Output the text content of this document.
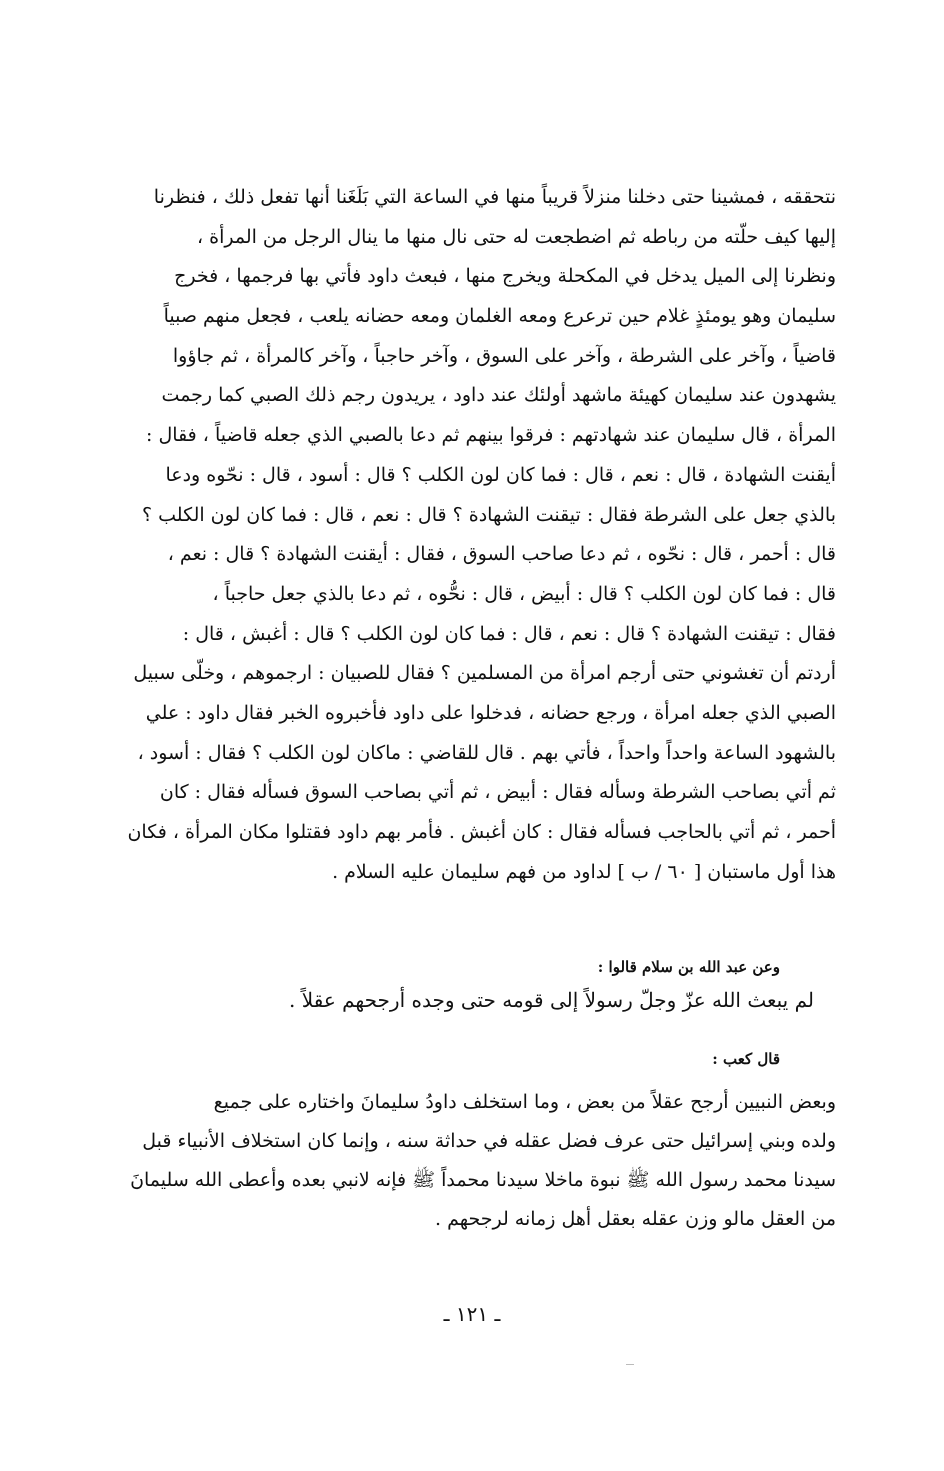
نتحققه ، فمشينا حتى دخلنا منزلاً قريباً منها في الساعة التي بَلَغَنا أنها تفعل ذلك ، فنظرنا
إليها كيف حلّته من رباطه ثم اضطجعت له حتى نال منها ما ينال الرجل من المرأة ،
ونظرنا إلى الميل يدخل في المكحلة ويخرج منها ، فبعث داود فأتي بها فرجمها ، فخرج
سليمان وهو يومئذٍ غلام حين ترعرع ومعه الغلمان ومعه حضانه يلعب ، فجعل منهم صبياً
قاضياً ، وآخر على الشرطة ، وآخر على السوق ، وآخر حاجباً ، وآخر كالمرأة ، ثم جاؤوا
يشهدون عند سليمان كهيئة ماشهد أولئك عند داود ، يريدون رجم ذلك الصبي كما رجمت
المرأة ، قال سليمان عند شهادتهم : فرقوا بينهم ثم دعا بالصبي الذي جعله قاضياً ، فقال :
أيقنت الشهادة ، قال : نعم ، قال : فما كان لون الكلب ؟ قال : أسود ، قال : نحّوه ودعا
بالذي جعل على الشرطة فقال : تيقنت الشهادة ؟ قال : نعم ، قال : فما كان لون الكلب ؟
قال : أحمر ، قال : نحّوه ، ثم دعا صاحب السوق ، فقال : أيقنت الشهادة ؟ قال : نعم ،
قال : فما كان لون الكلب ؟ قال : أبيض ، قال : نحُّوه ، ثم دعا بالذي جعل حاجباً ،
فقال : تيقنت الشهادة ؟ قال : نعم ، قال : فما كان لون الكلب ؟ قال : أغبش ، قال :
أردتم أن تغشوني حتى أرجم امرأة من المسلمين ؟ فقال للصبيان : ارجموهم ، وخلّى سبيل
الصبي الذي جعله امرأة ، ورجع حضانه ، فدخلوا على داود فأخبروه الخبر فقال داود : علي
بالشهود الساعة واحداً واحداً ، فأتي بهم . قال للقاضي : ماكان لون الكلب ؟ فقال : أسود ،
ثم أتي بصاحب الشرطة وسأله فقال : أبيض ، ثم أتي بصاحب السوق فسأله فقال : كان
أحمر ، ثم أتي بالحاجب فسأله فقال : كان أغبش . فأمر بهم داود فقتلوا مكان المرأة ، فكان
هذا أول ماستبان [ ٦٠ / ب ] لداود من فهم سليمان عليه السلام .
وعن عبد الله بن سلام قالوا :
لم يبعث الله عزّ وجلّ رسولاً إلى قومه حتى وجده أرجحهم عقلاً .
قال كعب :
وبعض النبيين أرجح عقلاً من بعض ، وما استخلف داودُ سليمانَ واختاره على جميع
ولده وبني إسرائيل حتى عرف فضل عقله في حداثة سنه ، وإنما كان استخلاف الأنبياء قبل
سيدنا محمد رسول الله ﷺ نبوة ماخلا سيدنا محمداً ﷺ فإنه لانبي بعده وأعطى الله سليمانَ
من العقل مالو وزن عقله بعقل أهل زمانه لرجحهم .
ـ ١٢١ ـ
